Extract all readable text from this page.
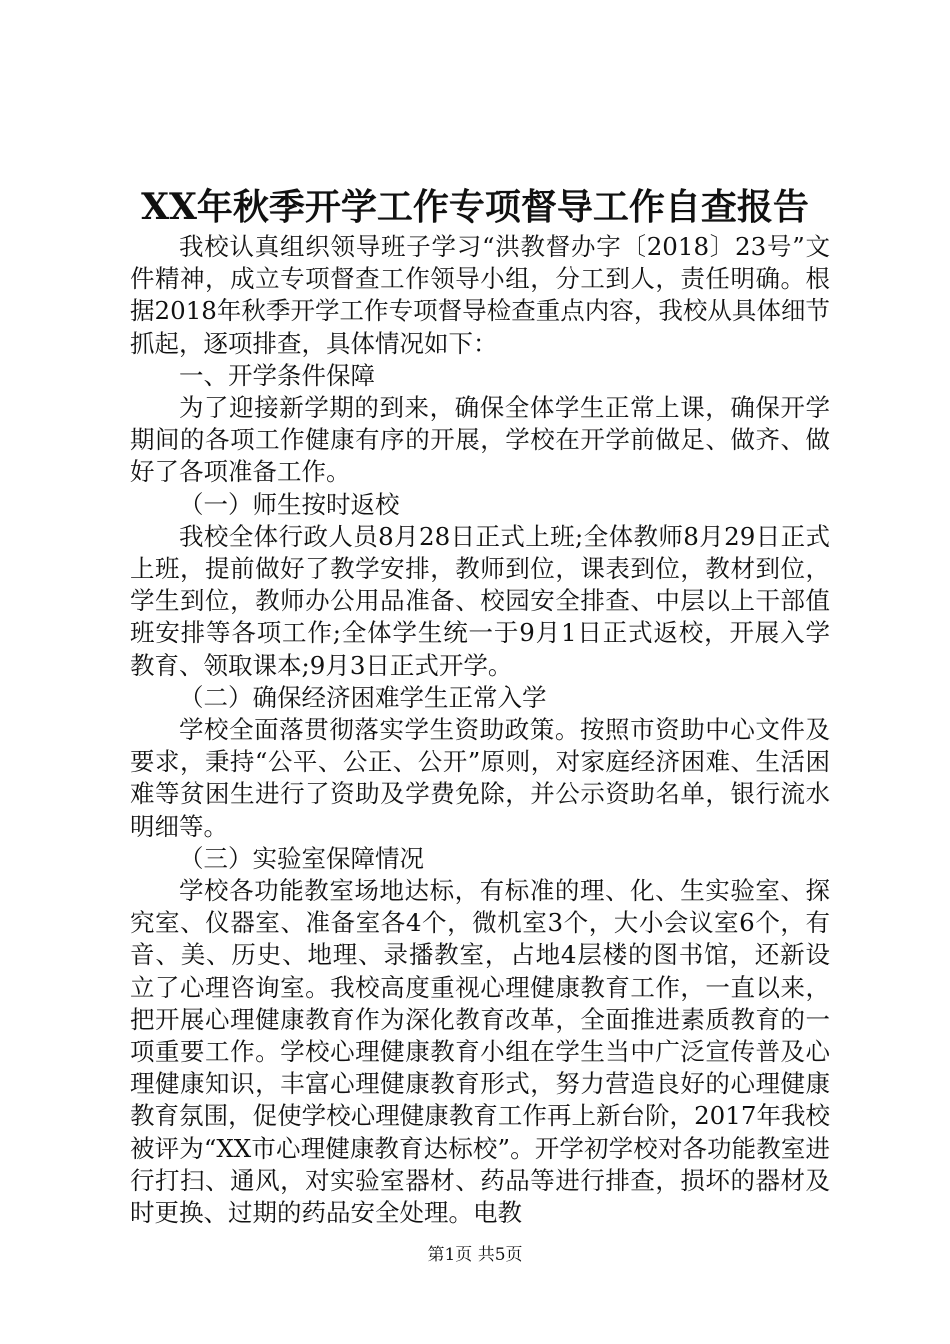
XX年秋季开学工作专项督导工作自查报告

我校认真组织领导班子学习“洪教督办字〔2018〕23号”文件精神，成立专项督查工作领导小组，分工到人，责任明确。根据2018年秋季开学工作专项督导检查重点内容，我校从具体细节抓起，逐项排查，具体情况如下：

一、开学条件保障

为了迎接新学期的到来，确保全体学生正常上课，确保开学期间的各项工作健康有序的开展，学校在开学前做足、做齐、做好了各项准备工作。

（一）师生按时返校

我校全体行政人员8月28日正式上班;全体教师8月29日正式上班，提前做好了教学安排，教师到位，课表到位，教材到位，学生到位，教师办公用品准备、校园安全排查、中层以上干部值班安排等各项工作;全体学生统一于9月1日正式返校，开展入学教育、领取课本;9月3日正式开学。

（二）确保经济困难学生正常入学

学校全面落贯彻落实学生资助政策。按照市资助中心文件及要求，秉持“公平、公正、公开”原则，对家庭经济困难、生活困难等贫困生进行了资助及学费免除，并公示资助名单，银行流水明细等。

（三）实验室保障情况

学校各功能教室场地达标，有标准的理、化、生实验室、探究室、仪器室、准备室各4个，微机室3个，大小会议室6个，有音、美、历史、地理、录播教室，占地4层楼的图书馆，还新设立了心理咨询室。我校高度重视心理健康教育工作，一直以来，把开展心理健康教育作为深化教育改革，全面推进素质教育的一项重要工作。学校心理健康教育小组在学生当中广泛宣传普及心理健康知识，丰富心理健康教育形式，努力营造良好的心理健康教育氛围，促使学校心理健康教育工作再上新台阶，2017年我校被评为“XX市心理健康教育达标校”。开学初学校对各功能教室进行打扫、通风，对实验室器材、药品等进行排查，损坏的器材及时更换、过期的药品安全处理。电教

第1页 共5页
